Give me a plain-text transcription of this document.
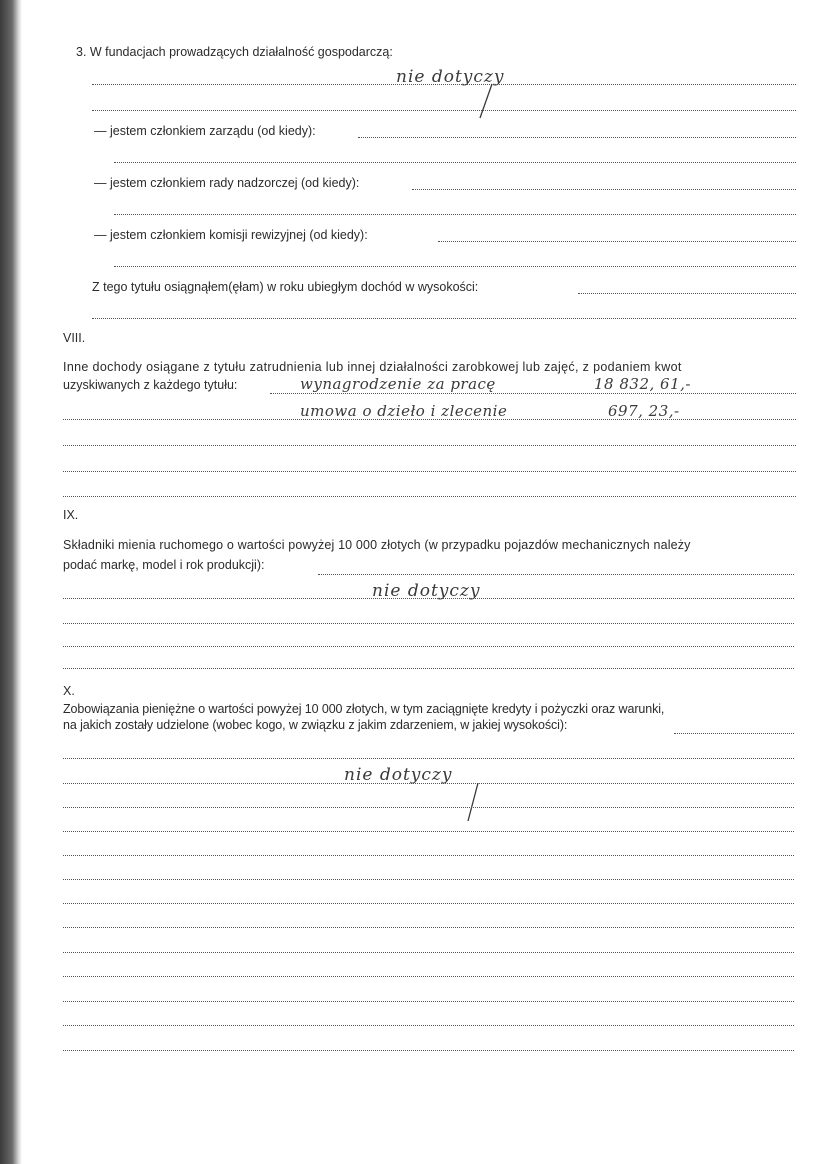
3. W fundacjach prowadzących działalność gospodarczą:
nie dotyczy
— jestem członkiem zarządu (od kiedy):
— jestem członkiem rady nadzorczej (od kiedy):
— jestem członkiem komisji rewizyjnej (od kiedy):
Z tego tytułu osiągnąłem(ęłam) w roku ubiegłym dochód w wysokości:
VIII.
Inne dochody osiągane z tytułu zatrudnienia lub innej działalności zarobkowej lub zajęć, z podaniem kwot
uzyskiwanych z każdego tytułu:	wynagrodzenie za pracę	18 832, 61,-
umowa o dzieło i zlecenie	697, 23,-
IX.
Składniki mienia ruchomego o wartości powyżej 10 000 złotych (w przypadku pojazdów mechanicznych należy
podać markę, model i rok produkcji):
nie dotyczy
X.
Zobowiązania pieniężne o wartości powyżej 10 000 złotych, w tym zaciągnięte kredyty i pożyczki oraz warunki,
na jakich zostały udzielone (wobec kogo, w związku z jakim zdarzeniem, w jakiej wysokości):
nie dotyczy
